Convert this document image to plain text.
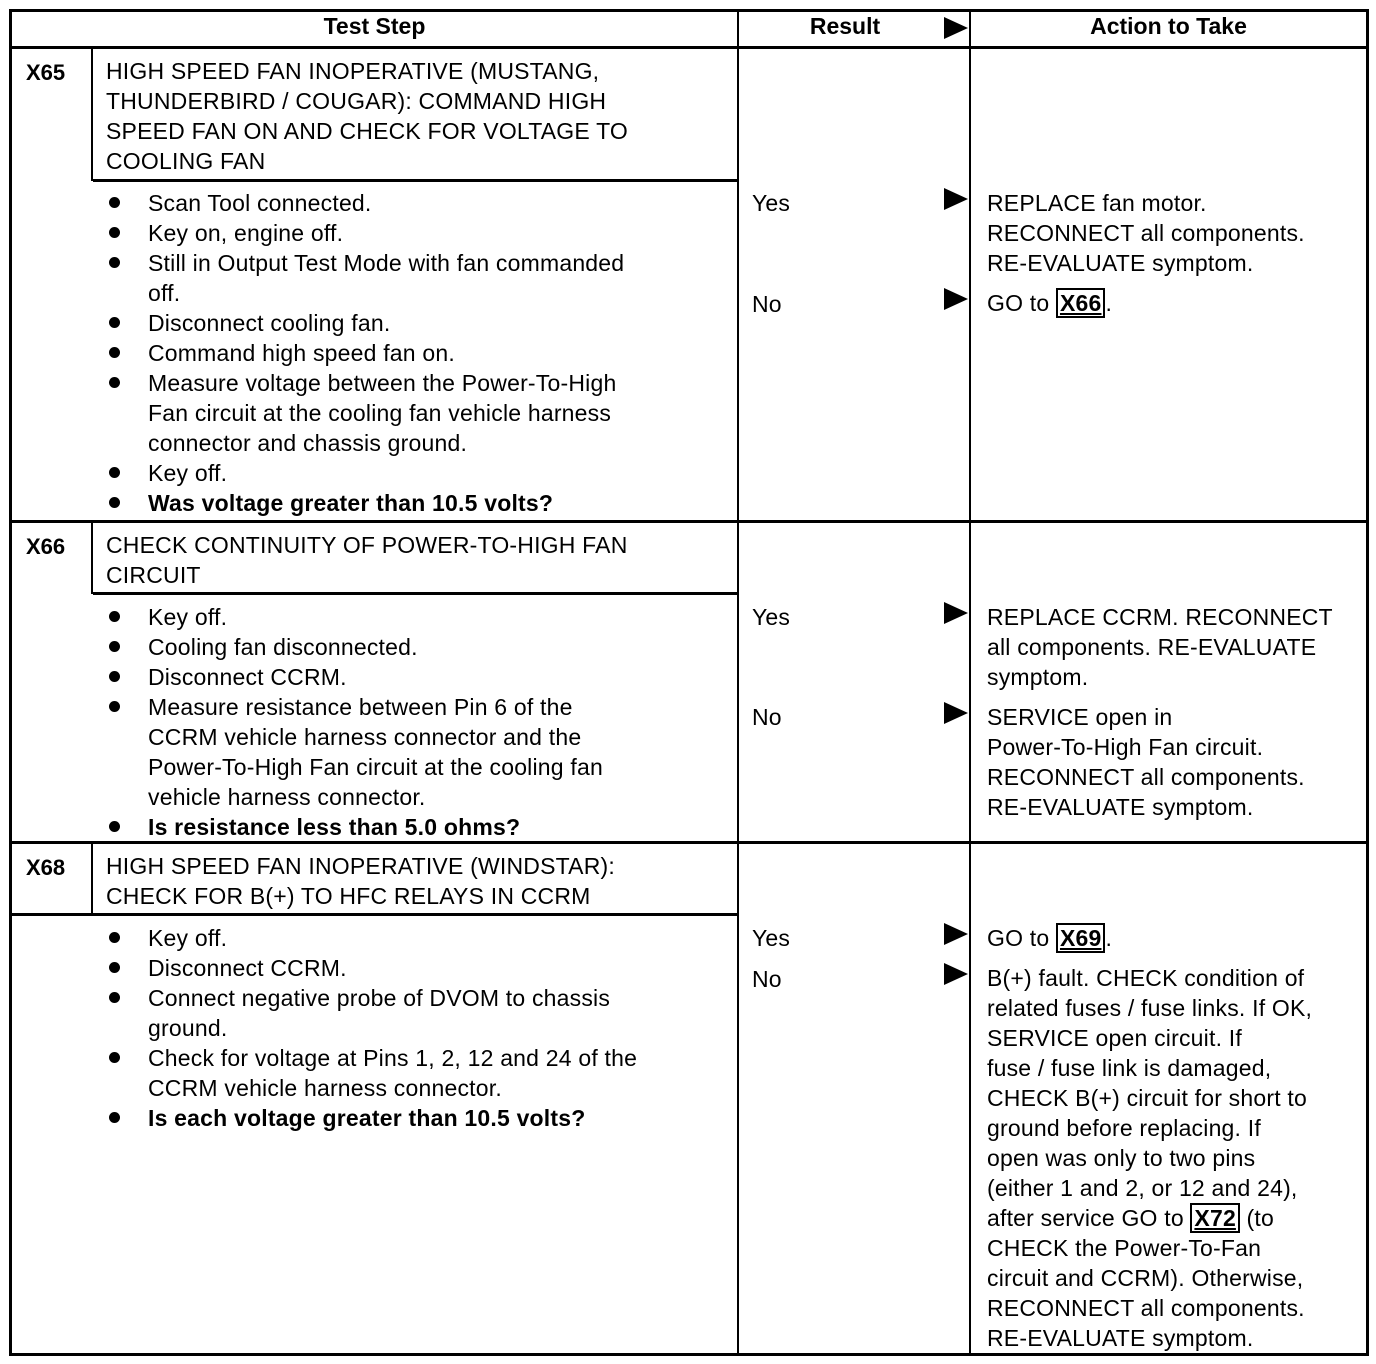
Test Step	Result	Action to Take
X65 HIGH SPEED FAN INOPERATIVE (MUSTANG,
THUNDERBIRD / COUGAR): COMMAND HIGH
SPEED FAN ON AND CHECK FOR VOLTAGE TO
COOLING FAN
Scan Tool connected.
Key on, engine off.
Still in Output Test Mode with fan commanded
off.
Disconnect cooling fan.
Command high speed fan on.
Measure voltage between the Power-To-High
Fan circuit at the cooling fan vehicle harness
connector and chassis ground.
Key off.
Was voltage greater than 10.5 volts?
Yes
No
REPLACE fan motor.
RECONNECT all components.
RE-EVALUATE symptom.
GO to X66 .
X66 CHECK CONTINUITY OF POWER-TO-HIGH FAN
CIRCUIT
Key off.
Cooling fan disconnected.
Disconnect CCRM.
Measure resistance between Pin 6 of the
CCRM vehicle harness connector and the
Power-To-High Fan circuit at the cooling fan
vehicle harness connector.
Is resistance less than 5.0 ohms?
Yes
No
REPLACE CCRM. RECONNECT
all components. RE-EVALUATE
symptom.
SERVICE open in
Power-To-High Fan circuit.
RECONNECT all components.
RE-EVALUATE symptom.
X68 HIGH SPEED FAN INOPERATIVE (WINDSTAR):
CHECK FOR B(+) TO HFC RELAYS IN CCRM
Key off.
Disconnect CCRM.
Connect negative probe of DVOM to chassis
ground.
Check for voltage at Pins 1, 2, 12 and 24 of the
CCRM vehicle harness connector.
Is each voltage greater than 10.5 volts?
Yes
No
GO to X69 .
B(+) fault. CHECK condition of
related fuses / fuse links. If OK,
SERVICE open circuit. If
fuse / fuse link is damaged,
CHECK B(+) circuit for short to
ground before replacing. If
open was only to two pins
(either 1 and 2, or 12 and 24),
after service GO to X72 (to
CHECK the Power-To-Fan
circuit and CCRM). Otherwise,
RECONNECT all components.
RE-EVALUATE symptom.
